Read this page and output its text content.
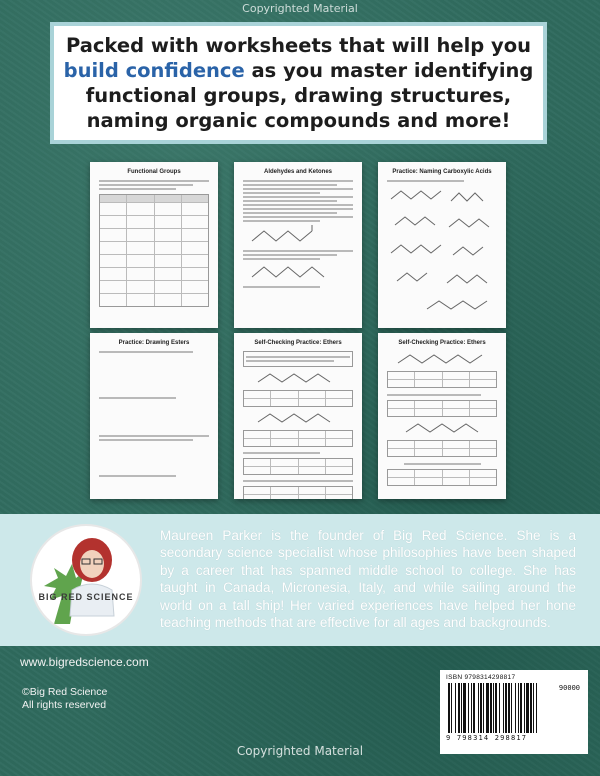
Copyrighted Material

Packed with worksheets that will help you build confidence as you master identifying functional groups, drawing structures, naming organic compounds and more!

Functional Groups	Aldehydes and Ketones	Practice: Naming Carboxylic Acids
Practice: Drawing Esters	Self-Checking Practice: Ethers	Self-Checking Practice: Ethers
BIG RED SCIENCE

Maureen Parker is the founder of Big Red Science. She is a secondary science specialist whose philosophies have been shaped by a career that has spanned middle school to college. She has taught in Canada, Micronesia, Italy, and while sailing around the world on a tall ship! Her varied experiences have helped her hone teaching methods that are effective for all ages and backgrounds.

www.bigredscience.com
©Big Red Science
All rights reserved
ISBN 9798314298817
90000
9 798314 298817
Copyrighted Material
